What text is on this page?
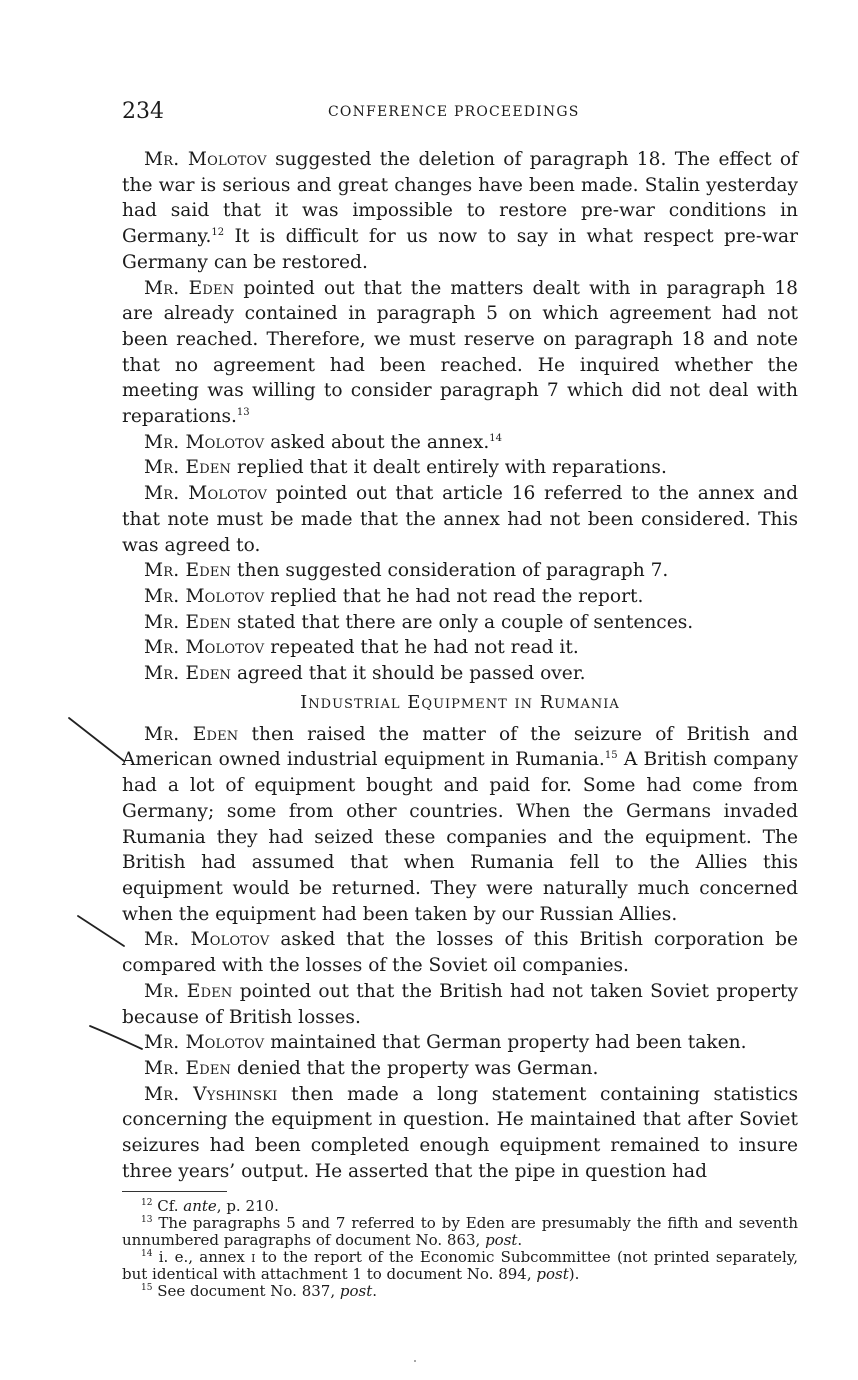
234	CONFERENCE PROCEEDINGS

Mr. Molotov suggested the deletion of paragraph 18. The effect of the war is serious and great changes have been made. Stalin yesterday had said that it was impossible to restore pre-war conditions in Germany.$^{12}$ It is difficult for us now to say in what respect pre-war Germany can be restored.

Mr. Eden pointed out that the matters dealt with in paragraph 18 are already contained in paragraph 5 on which agreement had not been reached. Therefore, we must reserve on paragraph 18 and note that no agreement had been reached. He inquired whether the meeting was willing to consider paragraph 7 which did not deal with reparations.$^{13}$

Mr. Molotov asked about the annex.$^{14}$

Mr. Eden replied that it dealt entirely with reparations.

Mr. Molotov pointed out that article 16 referred to the annex and that note must be made that the annex had not been considered. This was agreed to.

Mr. Eden then suggested consideration of paragraph 7.

Mr. Molotov replied that he had not read the report.

Mr. Eden stated that there are only a couple of sentences.

Mr. Molotov repeated that he had not read it.

Mr. Eden agreed that it should be passed over.

Industrial Equipment in Rumania

Mr. Eden then raised the matter of the seizure of British and American owned industrial equipment in Rumania.$^{15}$ A British company had a lot of equipment bought and paid for. Some had come from Germany; some from other countries. When the Germans invaded Rumania they had seized these companies and the equipment. The British had assumed that when Rumania fell to the Allies this equipment would be returned. They were naturally much concerned when the equipment had been taken by our Russian Allies.

Mr. Molotov asked that the losses of this British corporation be compared with the losses of the Soviet oil companies.

Mr. Eden pointed out that the British had not taken Soviet property because of British losses.

Mr. Molotov maintained that German property had been taken.

Mr. Eden denied that the property was German.

Mr. Vyshinski then made a long statement containing statistics concerning the equipment in question. He maintained that after Soviet seizures had been completed enough equipment remained to insure three years’ output. He asserted that the pipe in question had

$^{12}$ Cf. ante, p. 210.

$^{13}$ The paragraphs 5 and 7 referred to by Eden are presumably the fifth and seventh unnumbered paragraphs of document No. 863, post.

$^{14}$ i. e., annex i to the report of the Economic Subcommittee (not printed separately, but identical with attachment 1 to document No. 894, post).

$^{15}$ See document No. 837, post.
